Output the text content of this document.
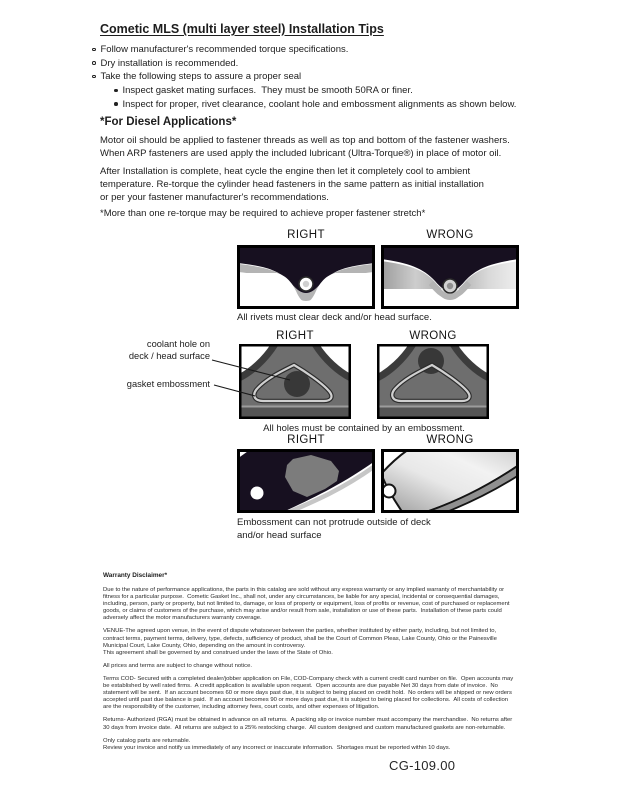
Cometic MLS (multi layer steel) Installation Tips
Follow manufacturer's recommended torque specifications.
Dry installation is recommended.
Take the following steps to assure a proper seal
Inspect gasket mating surfaces.  They must be smooth 50RA or finer.
Inspect for proper, rivet clearance, coolant hole and embossment alignments as shown below.
*For Diesel Applications*
Motor oil should be applied to fastener threads as well as top and bottom of the fastener washers.
When ARP fasteners are used apply the included lubricant (Ultra-Torque®) in place of motor oil.
After Installation is complete, heat cycle the engine then let it completely cool to ambient
temperature. Re-torque the cylinder head fasteners in the same pattern as initial installation
or per your fastener manufacturer's recommendations.
*More than one re-torque may be required to achieve proper fastener stretch*
RIGHT	WRONG
All rivets must clear deck and/or head surface.
RIGHT	WRONG
coolant hole on
deck / head surface
gasket embossment
All holes must be contained by an embossment.
RIGHT	WRONG
Embossment can not protrude outside of deck
and/or head surface
Warranty Disclaimer*
Due to the nature of performance applications, the parts in this catalog are sold without any express warranty or any implied warranty of merchantability or
fitness for a particular purpose.  Cometic Gasket Inc., shall not, under any circumstances, be liable for any special, incidental or consequential damages,
including, person, party or property, but not limited to, damage, or loss of property or equipment, loss of profits or revenue, cost of purchased or replacement
goods, or claims of customers of the purchase, which may arise and/or result from sale, installation or use of these parts.  Installation of these parts could
adversely affect the motor manufacturers warranty coverage.
VENUE-The agreed upon venue, in the event of dispute whatsoever between the parties, whether instituted by either party, including, but not limited to,
contract terms, payment terms, delivery, type, defects, sufficiency of product, shall be the Court of Common Pleas, Lake County, Ohio or the Painesville
Municipal Court, Lake County, Ohio, depending on the amount in controversy.
This agreement shall be governed by and construed under the laws of the State of Ohio.
All prices and terms are subject to change without notice.
Terms COD- Secured with a completed dealer/jobber application on File, COD-Company check with a current credit card number on file.  Open accounts may
be established by well rated firms.  A credit application is available upon request.  Open accounts are due payable Net 30 days from date of invoice.  No
statement will be sent.  If an account becomes 60 or more days past due, it is subject to being placed on credit hold.  No orders will be shipped or new orders
accepted until past due balance is paid.  If an account becomes 90 or more days past due, it is subject to being placed for collections.  All costs of collection
are the responsibility of the customer, including attorney fees, court costs, and other expenses of litigation.
Returns- Authorized (RGA) must be obtained in advance on all returns.  A packing slip or invoice number must accompany the merchandise.  No returns after
30 days from invoice date.  All returns are subject to a 25% restocking charge.  All custom designed and custom manufactured gaskets are non-returnable.
Only catalog parts are returnable.
Review your invoice and notify us immediately of any incorrect or inaccurate information.  Shortages must be reported within 10 days.
CG-109.00
